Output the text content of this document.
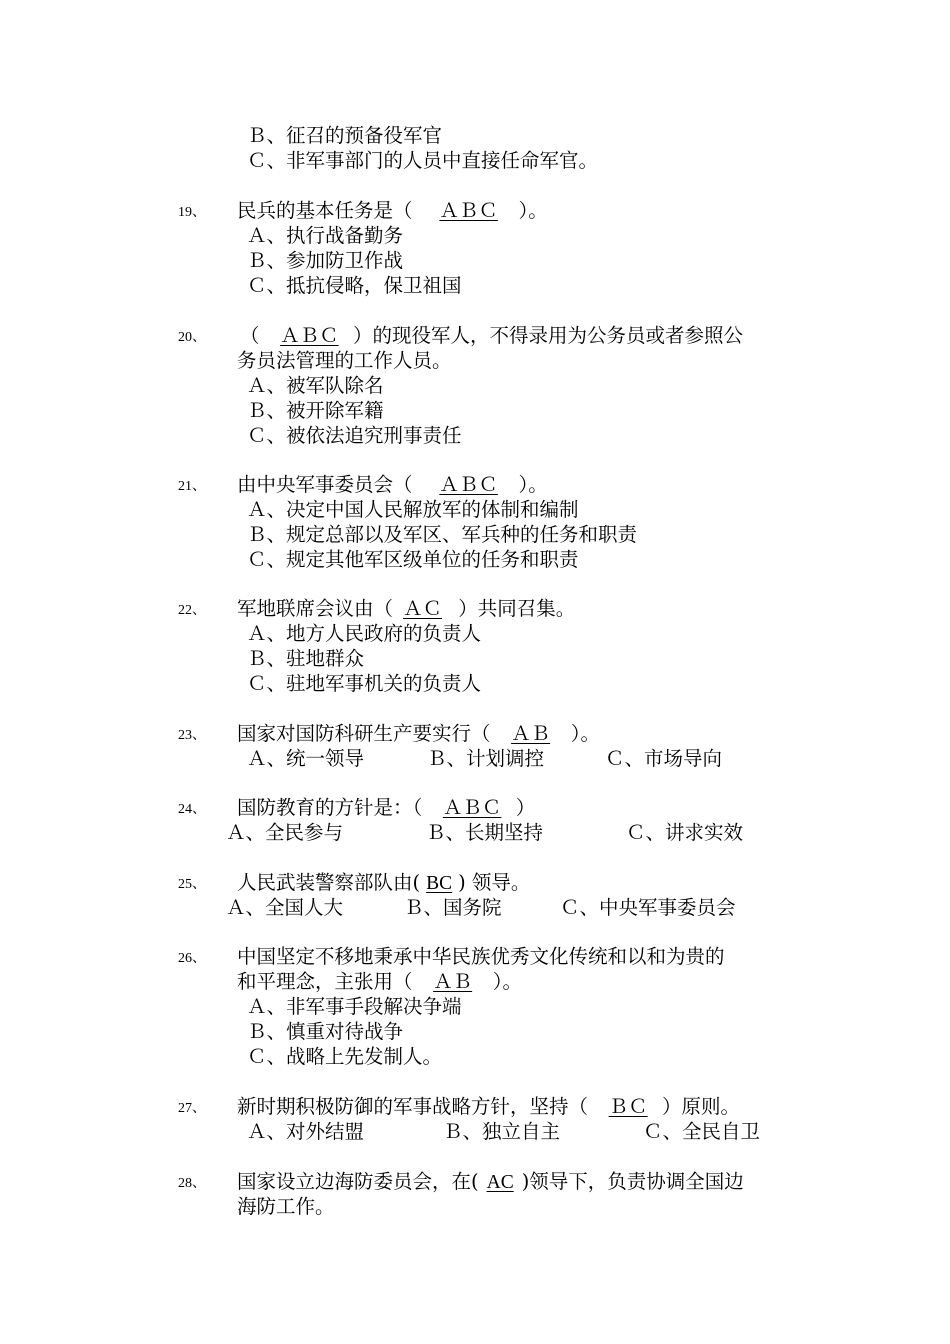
Ｂ、征召的预备役军官
Ｃ、非军事部门的人员中直接任命军官。
19、 民兵的基本任务是（    ＡＢＣ ）。
Ａ、执行战备勤务
Ｂ、参加防卫作战
Ｃ、抵抗侵略，保卫祖国
20、 （   ＡＢＣ ）的现役军人，不得录用为公务员或者参照公
务员法管理的工作人员。
Ａ、被军队除名
Ｂ、被开除军籍
Ｃ、被依法追究刑事责任
21、 由中央军事委员会（    ＡＢＣ ）。
Ａ、决定中国人民解放军的体制和编制
Ｂ、规定总部以及军区、军兵种的任务和职责
Ｃ、规定其他军区级单位的任务和职责
22、 军地联席会议由（ ＡＣ ）共同召集。
Ａ、地方人民政府的负责人
Ｂ、驻地群众
Ｃ、驻地军事机关的负责人
23、 国家对国防科研生产要实行（   ＡＢ ）。
Ａ、统一领导	Ｂ、计划调控	Ｃ、市场导向
24、 国防教育的方针是：（   ＡＢＣ ）
Ａ、全民参与	Ｂ、长期坚持	Ｃ、讲求实效
25、 人民武装警察部队由( BC ) 领导。
Ａ、全国人大	Ｂ、国务院	Ｃ、中央军事委员会
26、 中国坚定不移地秉承中华民族优秀文化传统和以和为贵的
和平理念，主张用（   ＡＢ ）。
Ａ、非军事手段解决争端
Ｂ、慎重对待战争
Ｃ、战略上先发制人。
27、 新时期积极防御的军事战略方针，坚持（   ＢＣ ）原则。
Ａ、对外结盟	Ｂ、独立自主	Ｃ、全民自卫
28、 国家设立边海防委员会，在( AC )领导下，负责协调全国边
海防工作。
